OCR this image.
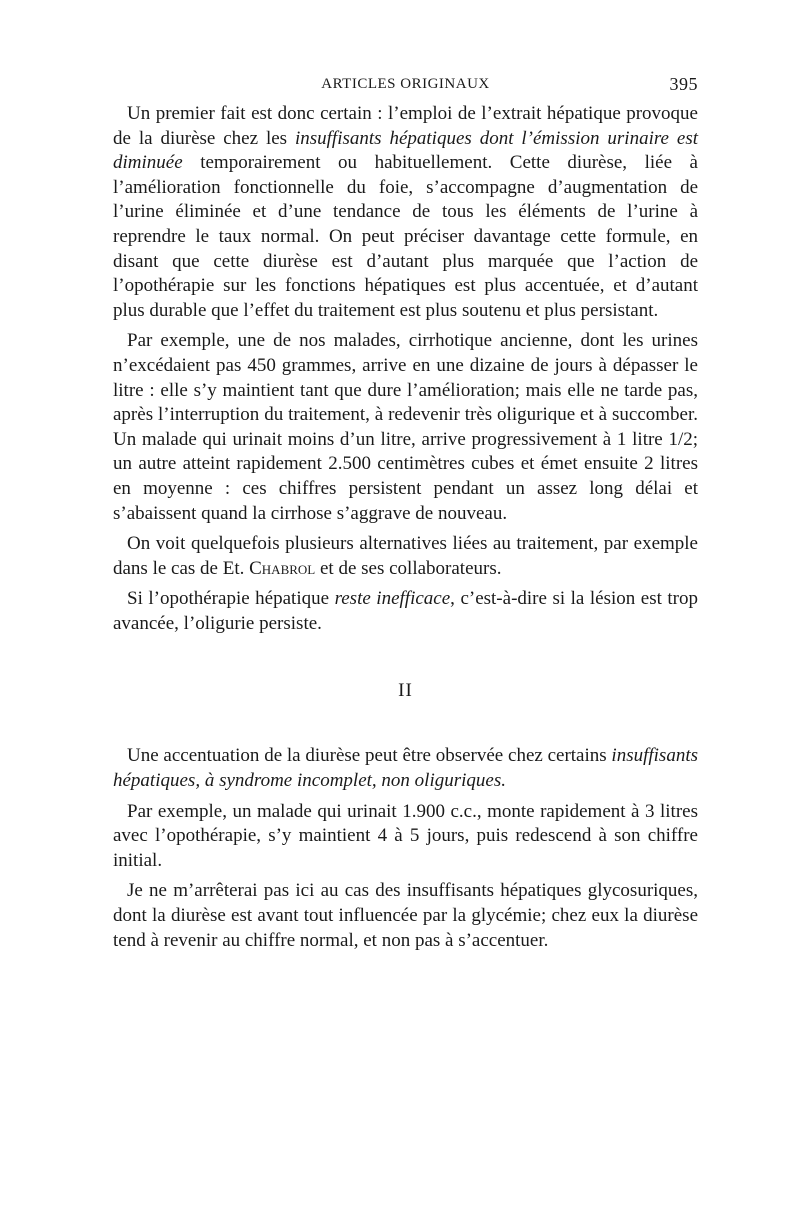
ARTICLES ORIGINAUX	395

Un premier fait est donc certain : l’emploi de l’extrait hépatique provoque de la diurèse chez les insuffisants hépatiques dont l’émission urinaire est diminuée temporairement ou habituellement. Cette diurèse, liée à l’amélioration fonctionnelle du foie, s’accompagne d’augmentation de l’urine éliminée et d’une tendance de tous les éléments de l’urine à reprendre le taux normal. On peut préciser davantage cette formule, en disant que cette diurèse est d’autant plus marquée que l’action de l’opothérapie sur les fonctions hépatiques est plus accentuée, et d’autant plus durable que l’effet du traitement est plus soutenu et plus persistant.

Par exemple, une de nos malades, cirrhotique ancienne, dont les urines n’excédaient pas 450 grammes, arrive en une dizaine de jours à dépasser le litre : elle s’y maintient tant que dure l’amélioration; mais elle ne tarde pas, après l’interruption du traitement, à redevenir très oligurique et à succomber. Un malade qui urinait moins d’un litre, arrive progressivement à 1 litre 1/2; un autre atteint rapidement 2.500 centimètres cubes et émet ensuite 2 litres en moyenne : ces chiffres persistent pendant un assez long délai et s’abaissent quand la cirrhose s’aggrave de nouveau.

On voit quelquefois plusieurs alternatives liées au traitement, par exemple dans le cas de Et. Chabrol et de ses collaborateurs.

Si l’opothérapie hépatique reste inefficace, c’est-à-dire si la lésion est trop avancée, l’oligurie persiste.

II

Une accentuation de la diurèse peut être observée chez certains insuffisants hépatiques, à syndrome incomplet, non oliguriques.

Par exemple, un malade qui urinait 1.900 c.c., monte rapidement à 3 litres avec l’opothérapie, s’y maintient 4 à 5 jours, puis redescend à son chiffre initial.

Je ne m’arrêterai pas ici au cas des insuffisants hépatiques glycosuriques, dont la diurèse est avant tout influencée par la glycémie; chez eux la diurèse tend à revenir au chiffre normal, et non pas à s’accentuer.
